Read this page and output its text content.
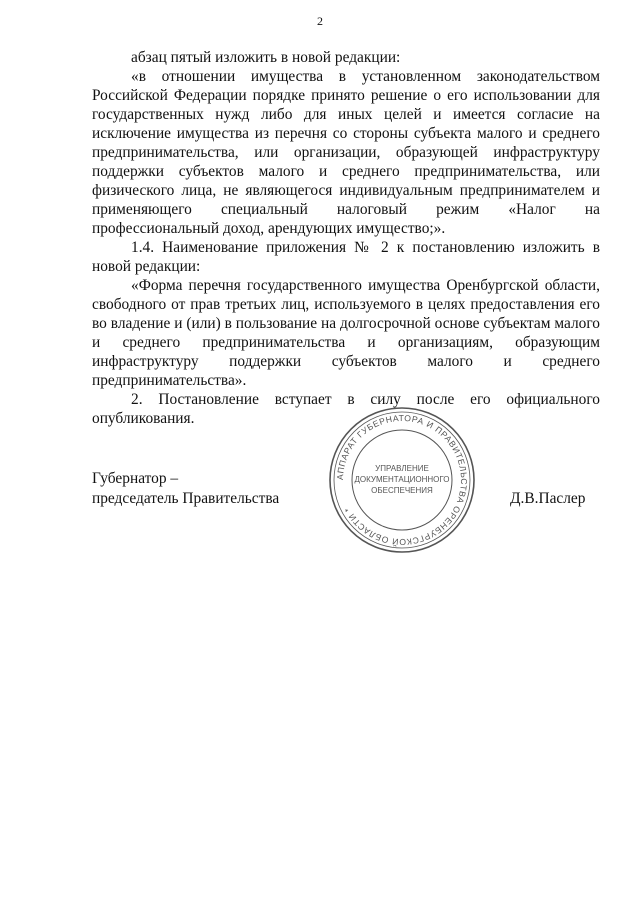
2

абзац пятый изложить в новой редакции:

«в отношении имущества в установленном законодательством Российской Федерации порядке принято решение о его использовании для государственных нужд либо для иных целей и имеется согласие на исключение имущества из перечня со стороны субъекта малого и среднего предпринимательства, или организации, образующей инфраструктуру поддержки субъектов малого и среднего предпринимательства, или физического лица, не являющегося индивидуальным предпринимателем и применяющего специальный налоговый режим «Налог на профессиональный доход, арендующих имущество;».

1.4. Наименование приложения № 2 к постановлению изложить в новой редакции:

«Форма перечня государственного имущества Оренбургской области, свободного от прав третьих лиц, используемого в целях предоставления его во владение и (или) в пользование на долгосрочной основе субъектам малого и среднего предпринимательства и организациям, образующим инфраструктуру поддержки субъектов малого и среднего предпринимательства».

2. Постановление вступает в силу после его официального опубликования.

Губернатор –
председатель Правительства	Д.В.Паслер
АППАРАТ ГУБЕРНАТОРА И ПРАВИТЕЛЬСТВА ОРЕНБУРГСКОЙ ОБЛАСТИ *
УПРАВЛЕНИЕ
ДОКУМЕНТАЦИОННОГО
ОБЕСПЕЧЕНИЯ
